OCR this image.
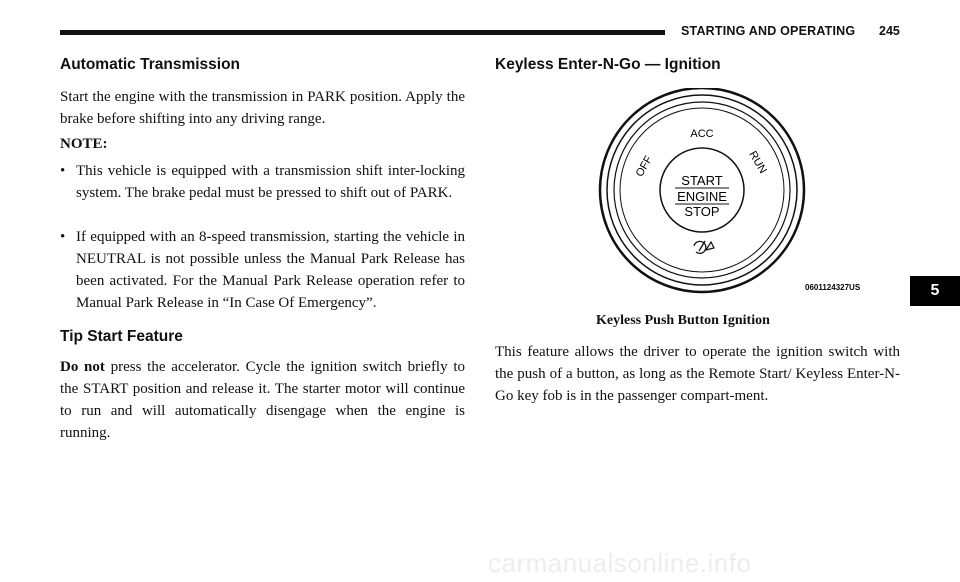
STARTING AND OPERATING 245
Automatic Transmission

Start the engine with the transmission in PARK position. Apply the brake before shifting into any driving range.

NOTE:

• This vehicle is equipped with a transmission shift inter-locking system. The brake pedal must be pressed to shift out of PARK.
• If equipped with an 8-speed transmission, starting the vehicle in NEUTRAL is not possible unless the Manual Park Release has been activated. For the Manual Park Release operation refer to Manual Park Release in “In Case Of Emergency”.
Tip Start Feature

Do not press the accelerator. Cycle the ignition switch briefly to the START position and release it. The starter motor will continue to run and will automatically disengage when the engine is running.

Keyless Enter-N-Go — Ignition
ACC
OFF	RUN
START
ENGINE
STOP
0601124327US

Keyless Push Button Ignition

This feature allows the driver to operate the ignition switch with the push of a button, as long as the Remote Start/ Keyless Enter-N-Go key fob is in the passenger compart-ment.

5
carmanualsonline.info
